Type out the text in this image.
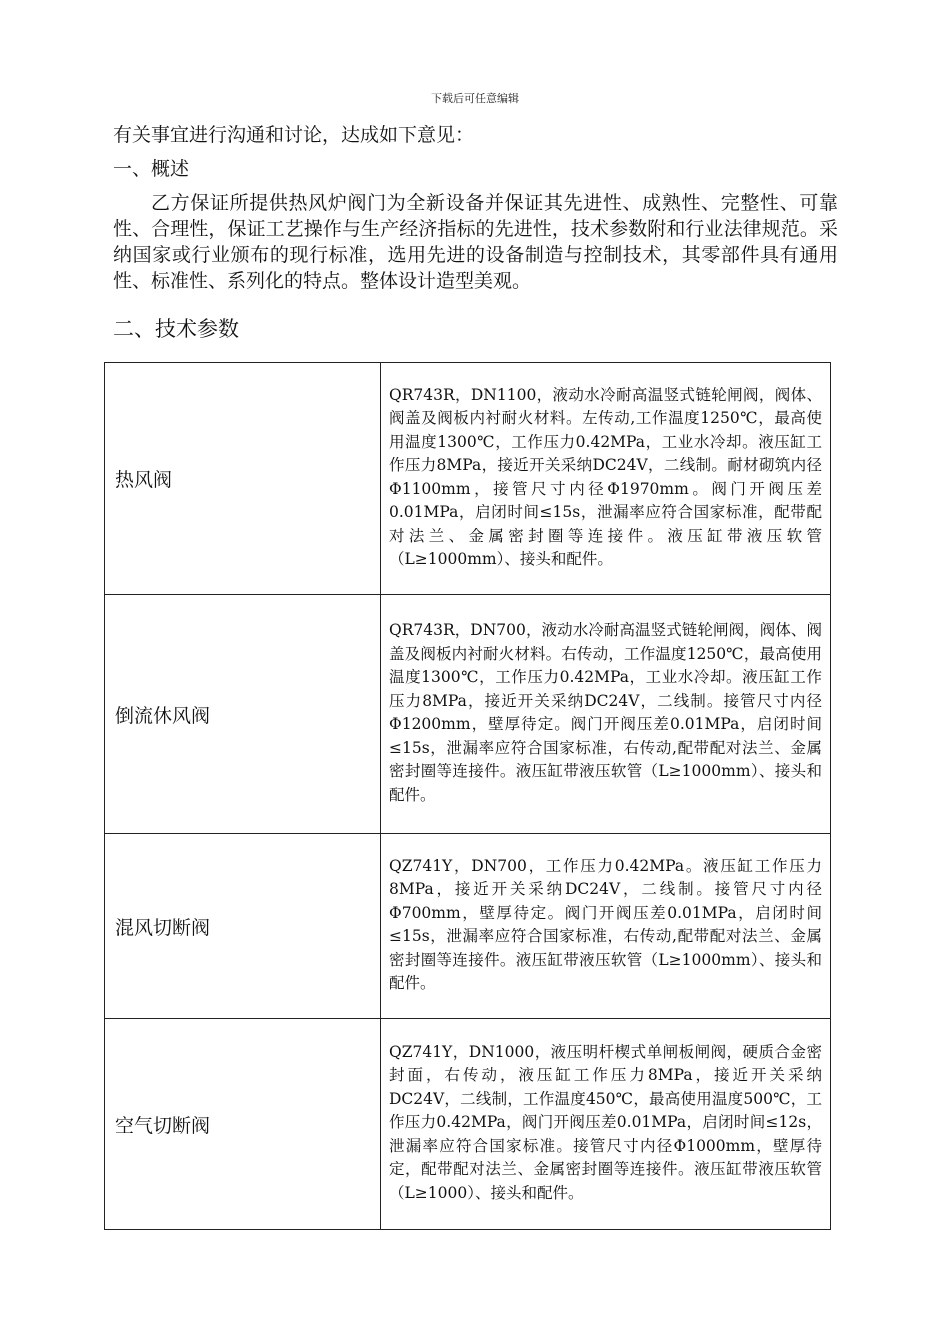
下载后可任意编辑
有关事宜进行沟通和讨论，达成如下意见：
一、概述
乙方保证所提供热风炉阀门为全新设备并保证其先进性、成熟性、完整性、可靠性、合理性，保证工艺操作与生产经济指标的先进性，技术参数附和行业法律规范。采纳国家或行业颁布的现行标准，选用先进的设备制造与控制技术，其零部件具有通用性、标准性、系列化的特点。整体设计造型美观。
二、技术参数
热风阀	QR743R，DN1100，液动水冷耐高温竖式链轮闸阀，阀体、阀盖及阀板内衬耐火材料。左传动,工作温度1250℃，最高使用温度1300℃，工作压力0.42MPa，工业水冷却。液压缸工作压力8MPa，接近开关采纳DC24V，二线制。耐材砌筑内径Φ1100mm，接管尺寸内径Φ1970mm。阀门开阀压差0.01MPa，启闭时间≤15s，泄漏率应符合国家标准，配带配对法兰、金属密封圈等连接件。液压缸带液压软管（L≥1000mm）、接头和配件。
倒流休风阀	QR743R，DN700，液动水冷耐高温竖式链轮闸阀，阀体、阀盖及阀板内衬耐火材料。右传动，工作温度1250℃，最高使用温度1300℃，工作压力0.42MPa，工业水冷却。液压缸工作压力8MPa，接近开关采纳DC24V，二线制。接管尺寸内径Φ1200mm，壁厚待定。阀门开阀压差0.01MPa，启闭时间≤15s，泄漏率应符合国家标准，右传动,配带配对法兰、金属密封圈等连接件。液压缸带液压软管（L≥1000mm）、接头和配件。
混风切断阀	QZ741Y，DN700，工作压力0.42MPa。液压缸工作压力8MPa，接近开关采纳DC24V，二线制。接管尺寸内径Φ700mm，壁厚待定。阀门开阀压差0.01MPa，启闭时间≤15s，泄漏率应符合国家标准，右传动,配带配对法兰、金属密封圈等连接件。液压缸带液压软管（L≥1000mm）、接头和配件。
空气切断阀	QZ741Y，DN1000，液压明杆楔式单闸板闸阀，硬质合金密封面，右传动，液压缸工作压力8MPa，接近开关采纳DC24V，二线制，工作温度450℃，最高使用温度500℃，工作压力0.42MPa，阀门开阀压差0.01MPa，启闭时间≤12s，泄漏率应符合国家标准。接管尺寸内径Φ1000mm，壁厚待定，配带配对法兰、金属密封圈等连接件。液压缸带液压软管（L≥1000）、接头和配件。
